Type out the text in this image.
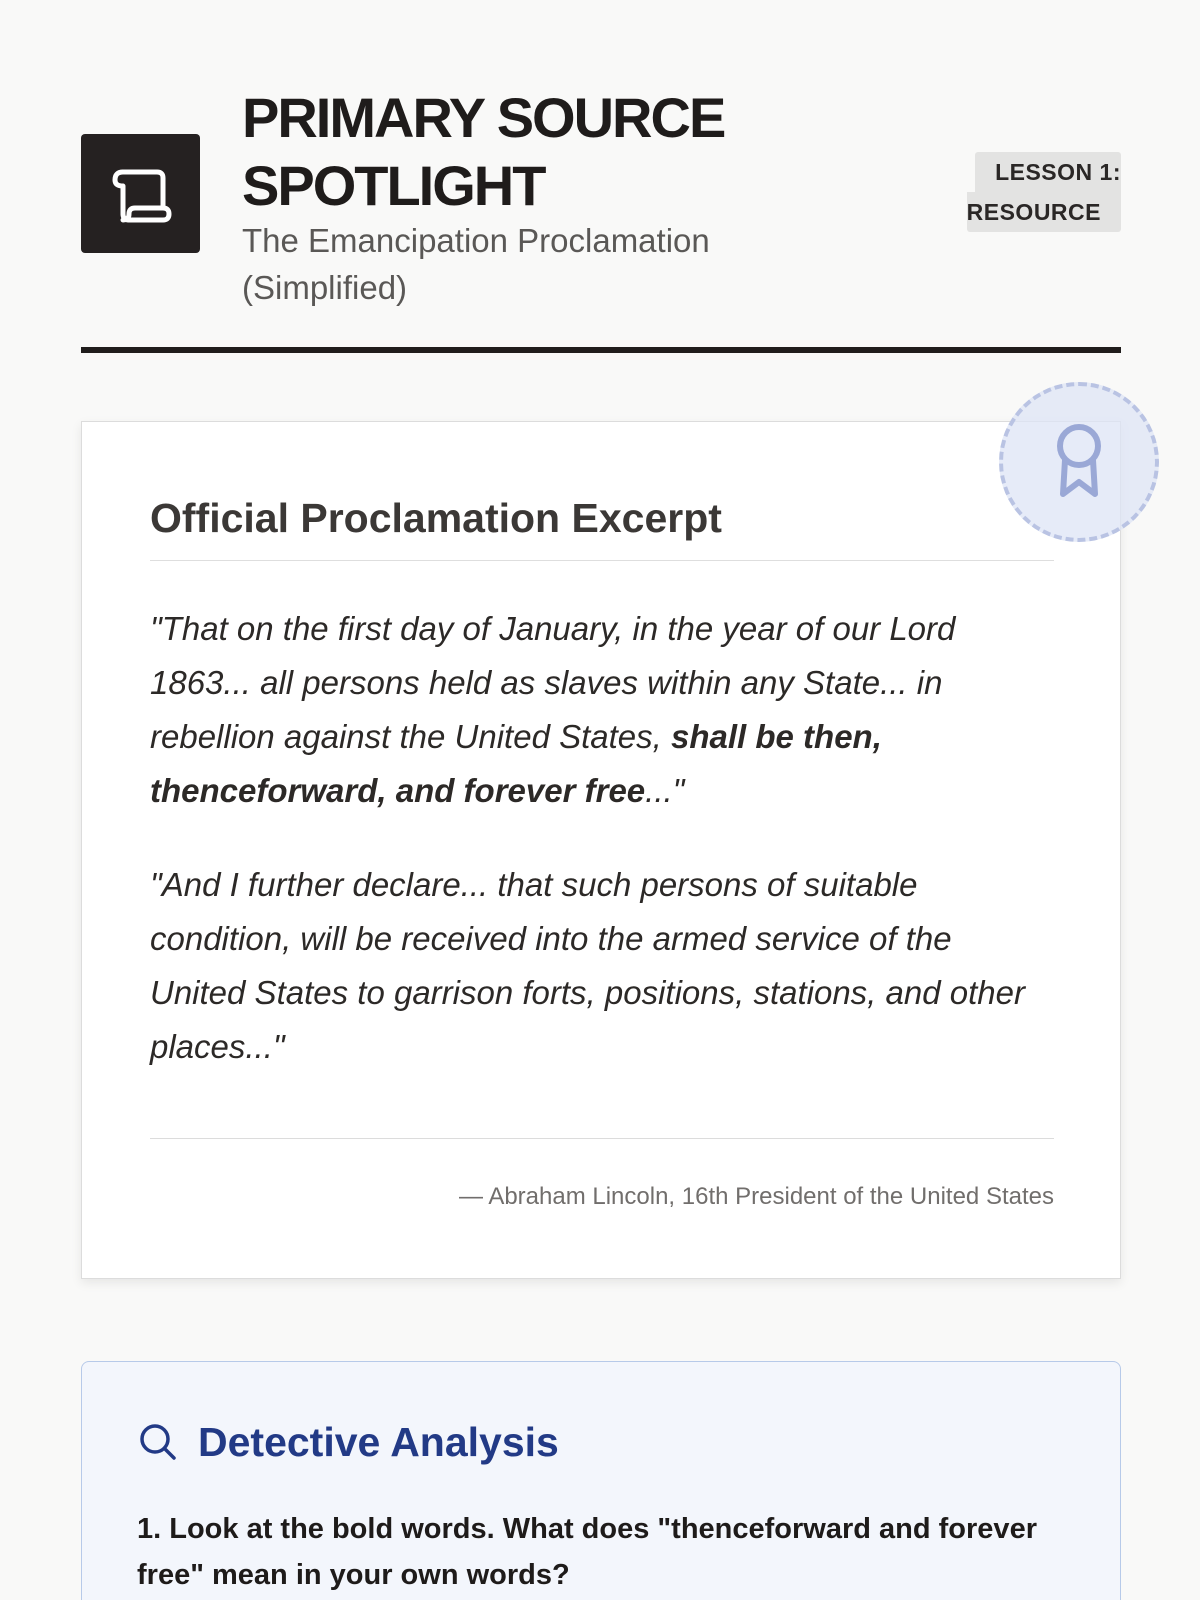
PRIMARY SOURCE SPOTLIGHT
The Emancipation Proclamation (Simplified)
LESSON 1:
RESOURCE
Official Proclamation Excerpt

"That on the first day of January, in the year of our Lord 1863... all persons held as slaves within any State... in rebellion against the United States, shall be then, thenceforward, and forever free..."

"And I further declare... that such persons of suitable condition, will be received into the armed service of the United States to garrison forts, positions, stations, and other places..."

— Abraham Lincoln, 16th President of the United States
Detective Analysis

1. Look at the bold words. What does "thenceforward and forever free" mean in your own words?
